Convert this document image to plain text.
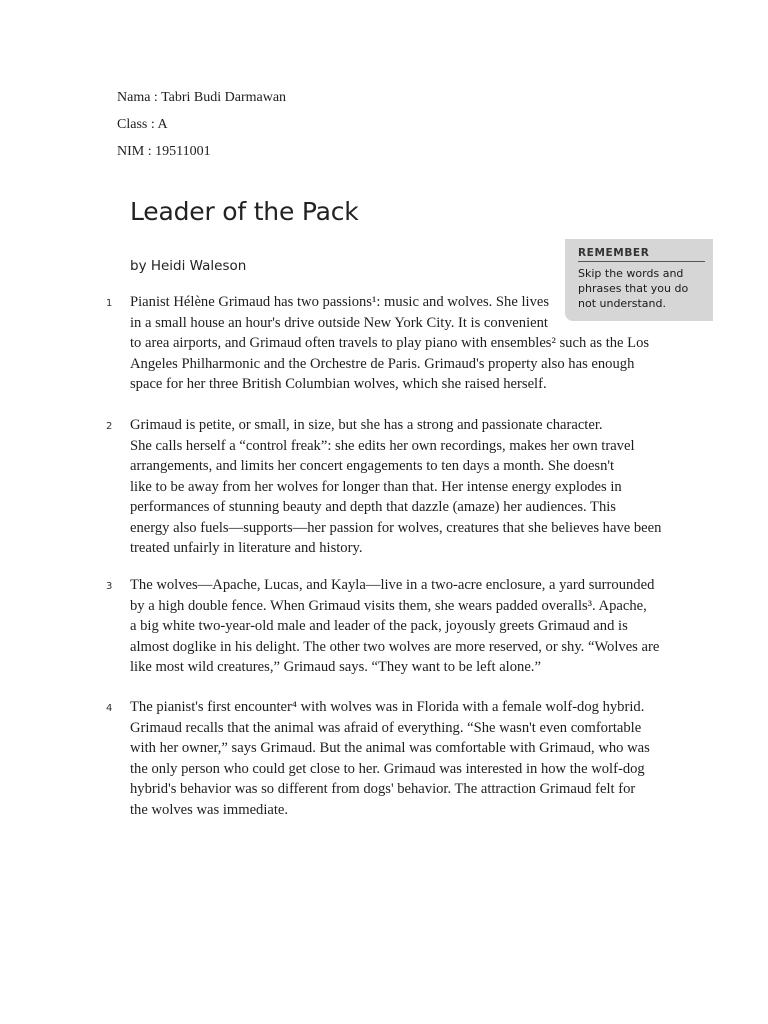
Nama : Tabri Budi Darmawan
Class : A
NIM : 19511001
Leader of the Pack
by Heidi Waleson
REMEMBER
Skip the words and phrases that you do not understand.
1 Pianist Hélène Grimaud has two passions¹: music and wolves. She lives
in a small house an hour's drive outside New York City. It is convenient
to area airports, and Grimaud often travels to play piano with ensembles² such as the Los
Angeles Philharmonic and the Orchestre de Paris. Grimaud's property also has enough
space for her three British Columbian wolves, which she raised herself.

2 Grimaud is petite, or small, in size, but she has a strong and passionate character.
She calls herself a “control freak”: she edits her own recordings, makes her own travel
arrangements, and limits her concert engagements to ten days a month. She doesn't
like to be away from her wolves for longer than that. Her intense energy explodes in
performances of stunning beauty and depth that dazzle (amaze) her audiences. This
energy also fuels—supports—her passion for wolves, creatures that she believes have been
treated unfairly in literature and history.

3 The wolves—Apache, Lucas, and Kayla—live in a two-acre enclosure, a yard surrounded
by a high double fence. When Grimaud visits them, she wears padded overalls³. Apache,
a big white two-year-old male and leader of the pack, joyously greets Grimaud and is
almost doglike in his delight. The other two wolves are more reserved, or shy. “Wolves are
like most wild creatures,” Grimaud says. “They want to be left alone.”

4 The pianist's first encounter⁴ with wolves was in Florida with a female wolf-dog hybrid.
Grimaud recalls that the animal was afraid of everything. “She wasn't even comfortable
with her owner,” says Grimaud. But the animal was comfortable with Grimaud, who was
the only person who could get close to her. Grimaud was interested in how the wolf-dog
hybrid's behavior was so different from dogs' behavior. The attraction Grimaud felt for
the wolves was immediate.
